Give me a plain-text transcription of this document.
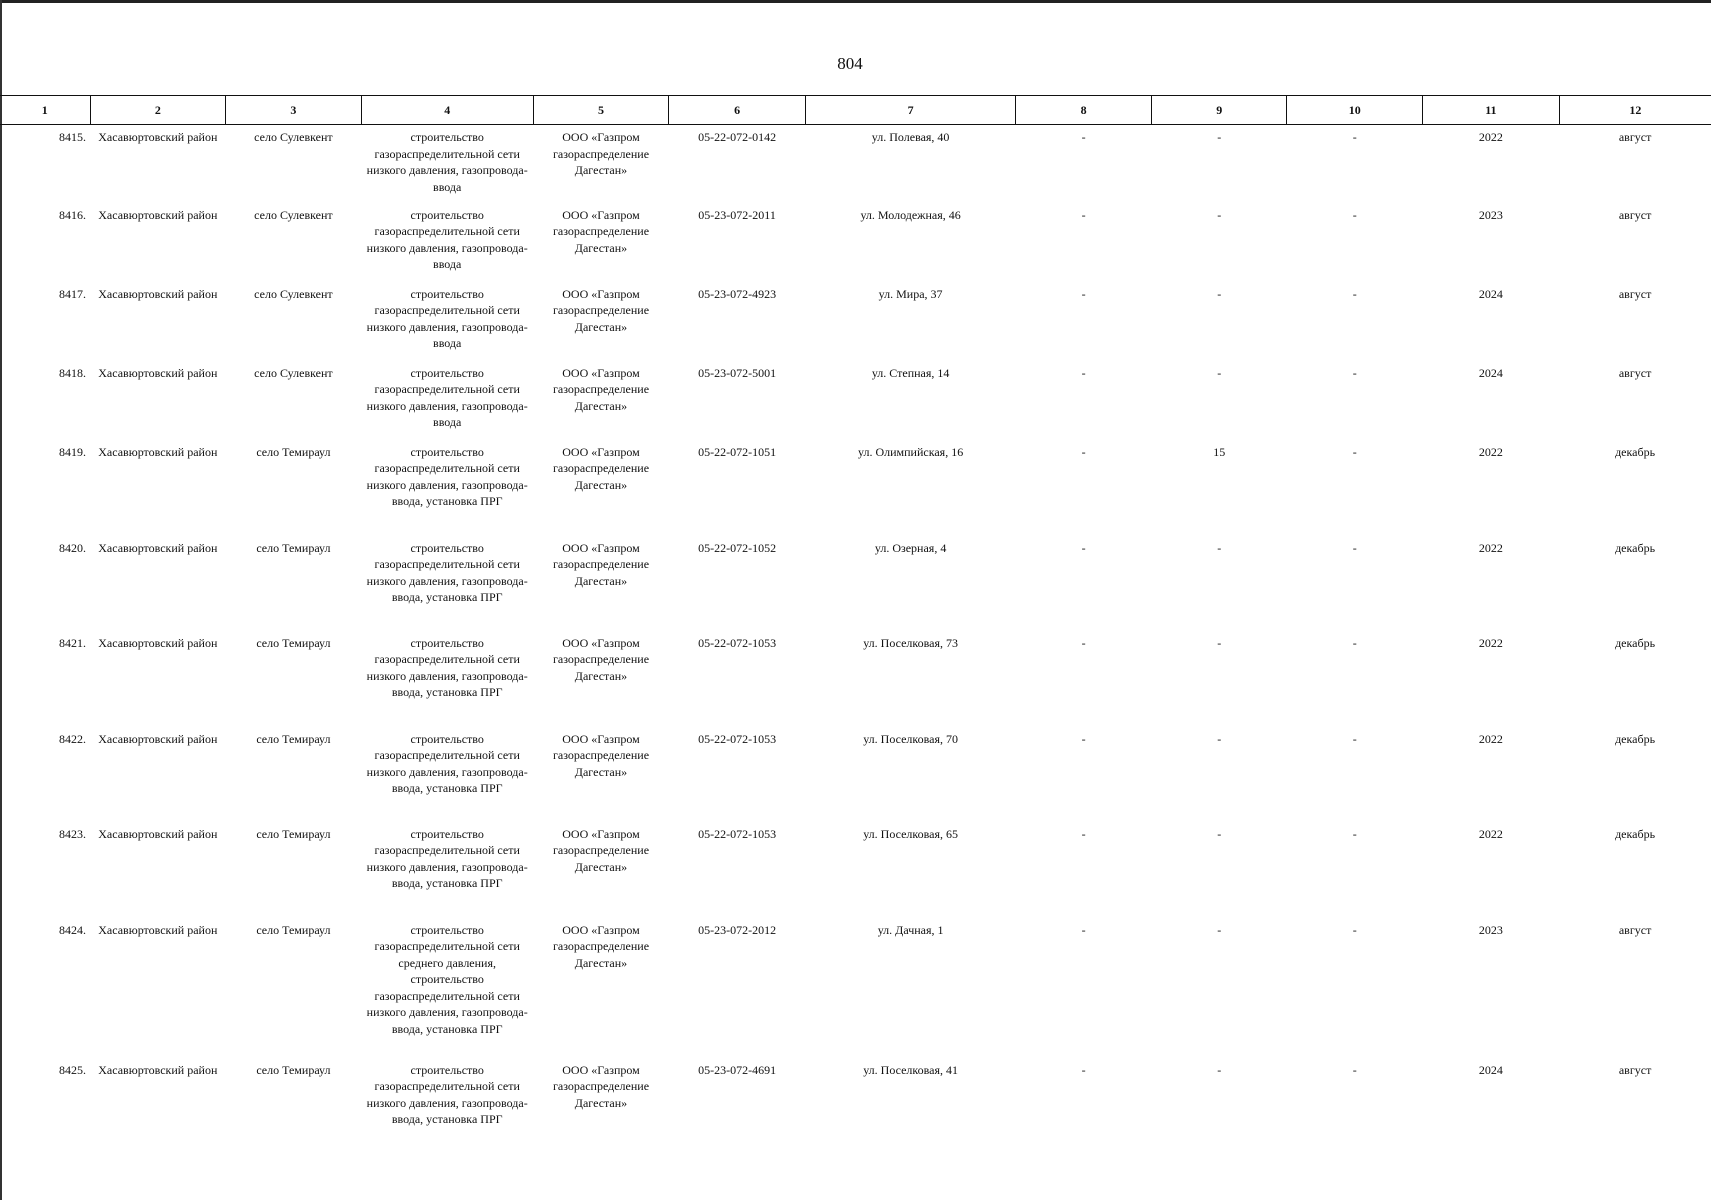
804
1	2	3	4	5	6	7	8	9	10	11	12
8415.	Хасавюртовский район	село Сулевкент	строительство газораспределительной сети низкого давления, газопровода-ввода	ООО «Газпром газораспределение Дагестан»	05-22-072-0142	ул. Полевая, 40	-	-	-	2022	август
8416.	Хасавюртовский район	село Сулевкент	строительство газораспределительной сети низкого давления, газопровода-ввода	ООО «Газпром газораспределение Дагестан»	05-23-072-2011	ул. Молодежная, 46	-	-	-	2023	август
8417.	Хасавюртовский район	село Сулевкент	строительство газораспределительной сети низкого давления, газопровода-ввода	ООО «Газпром газораспределение Дагестан»	05-23-072-4923	ул. Мира, 37	-	-	-	2024	август
8418.	Хасавюртовский район	село Сулевкент	строительство газораспределительной сети низкого давления, газопровода-ввода	ООО «Газпром газораспределение Дагестан»	05-23-072-5001	ул. Степная, 14	-	-	-	2024	август
8419.	Хасавюртовский район	село Темираул	строительство газораспределительной сети низкого давления, газопровода-ввода, установка ПРГ	ООО «Газпром газораспределение Дагестан»	05-22-072-1051	ул. Олимпийская, 16	-	15	-	2022	декабрь
8420.	Хасавюртовский район	село Темираул	строительство газораспределительной сети низкого давления, газопровода-ввода, установка ПРГ	ООО «Газпром газораспределение Дагестан»	05-22-072-1052	ул. Озерная, 4	-	-	-	2022	декабрь
8421.	Хасавюртовский район	село Темираул	строительство газораспределительной сети низкого давления, газопровода-ввода, установка ПРГ	ООО «Газпром газораспределение Дагестан»	05-22-072-1053	ул. Поселковая, 73	-	-	-	2022	декабрь
8422.	Хасавюртовский район	село Темираул	строительство газораспределительной сети низкого давления, газопровода-ввода, установка ПРГ	ООО «Газпром газораспределение Дагестан»	05-22-072-1053	ул. Поселковая, 70	-	-	-	2022	декабрь
8423.	Хасавюртовский район	село Темираул	строительство газораспределительной сети низкого давления, газопровода-ввода, установка ПРГ	ООО «Газпром газораспределение Дагестан»	05-22-072-1053	ул. Поселковая, 65	-	-	-	2022	декабрь
8424.	Хасавюртовский район	село Темираул	строительство газораспределительной сети среднего давления, строительство газораспределительной сети низкого давления, газопровода-ввода, установка ПРГ	ООО «Газпром газораспределение Дагестан»	05-23-072-2012	ул. Дачная, 1	-	-	-	2023	август
8425.	Хасавюртовский район	село Темираул	строительство газораспределительной сети низкого давления, газопровода-ввода, установка ПРГ	ООО «Газпром газораспределение Дагестан»	05-23-072-4691	ул. Поселковая, 41	-	-	-	2024	август
